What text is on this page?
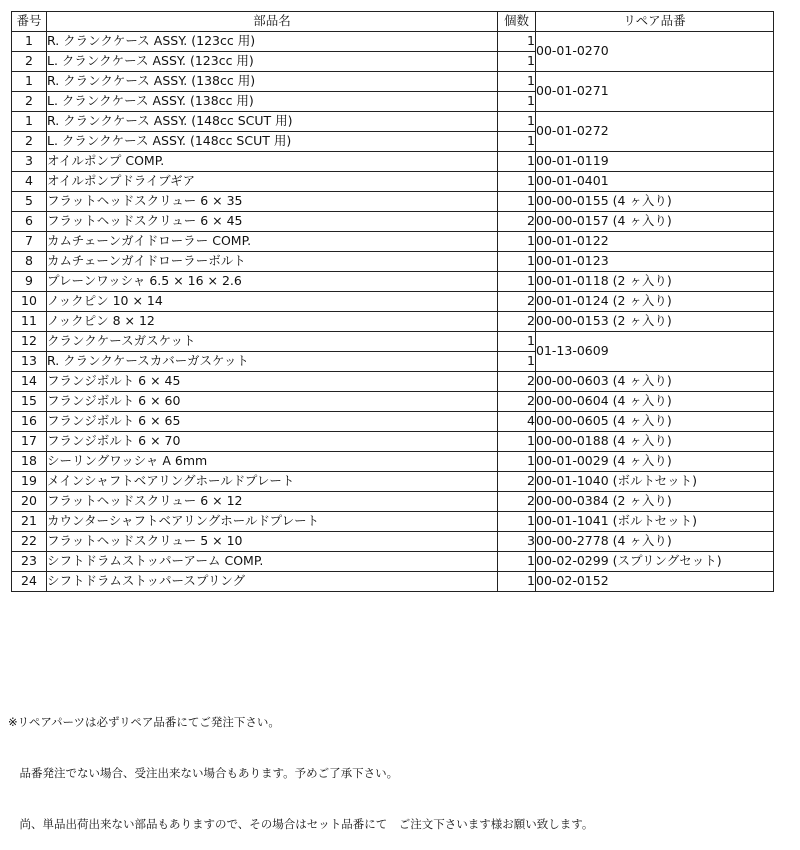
番号	部品名	個数	リペア品番
1	R. クランクケース ASSY. (123cc 用)	1	00-01-0270
2	L. クランクケース ASSY. (123cc 用)	1	
1	R. クランクケース ASSY. (138cc 用)	1	00-01-0271
2	L. クランクケース ASSY. (138cc 用)	1	
1	R. クランクケース ASSY. (148cc SCUT 用)	1	00-01-0272
2	L. クランクケース ASSY. (148cc SCUT 用)	1	
3	オイルポンプ COMP.	1	00-01-0119
4	オイルポンプドライブギア	1	00-01-0401
5	フラットヘッドスクリュー 6 × 35	1	00-00-0155 (4 ヶ入り)
6	フラットヘッドスクリュー 6 × 45	2	00-00-0157 (4 ヶ入り)
7	カムチェーンガイドローラー COMP.	1	00-01-0122
8	カムチェーンガイドローラーボルト	1	00-01-0123
9	プレーンワッシャ 6.5 × 16 × 2.6	1	00-01-0118 (2 ヶ入り)
10	ノックピン 10 × 14	2	00-01-0124 (2 ヶ入り)
11	ノックピン 8 × 12	2	00-00-0153 (2 ヶ入り)
12	クランクケースガスケット	1	01-13-0609
13	R. クランクケースカバーガスケット	1	
14	フランジボルト 6 × 45	2	00-00-0603 (4 ヶ入り)
15	フランジボルト 6 × 60	2	00-00-0604 (4 ヶ入り)
16	フランジボルト 6 × 65	4	00-00-0605 (4 ヶ入り)
17	フランジボルト 6 × 70	1	00-00-0188 (4 ヶ入り)
18	シーリングワッシャ A 6mm	1	00-01-0029 (4 ヶ入り)
19	メインシャフトベアリングホールドプレート	2	00-01-1040 (ボルトセット)
20	フラットヘッドスクリュー 6 × 12	2	00-00-0384 (2 ヶ入り)
21	カウンターシャフトベアリングホールドプレート	1	00-01-1041 (ボルトセット)
22	フラットヘッドスクリュー 5 × 10	3	00-00-2778 (4 ヶ入り)
23	シフトドラムストッパーアーム COMP.	1	00-02-0299 (スプリングセット)
24	シフトドラムストッパースプリング	1	00-02-0152

※リペアパーツは必ずリペア品番にてご発注下さい。

　品番発注でない場合、受注出来ない場合もあります。予めご了承下さい。

　尚、単品出荷出来ない部品もありますので、その場合はセット品番にて　ご注文下さいます様お願い致します。
